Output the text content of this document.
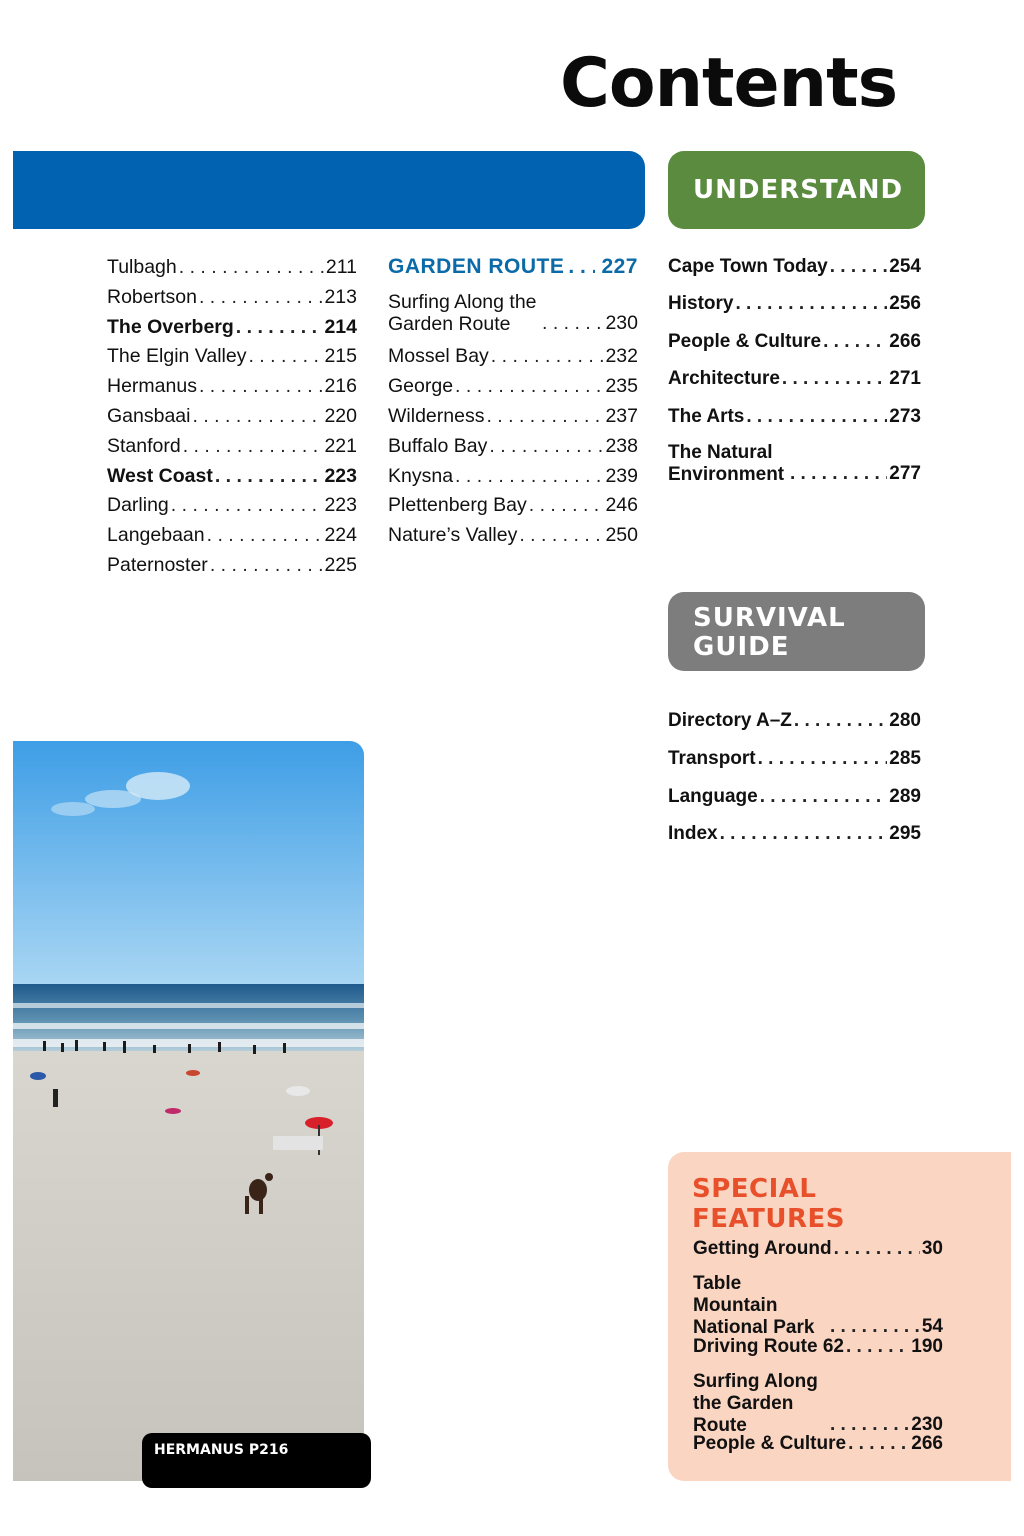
Contents
UNDERSTAND
SURVIVAL GUIDE
Tulbagh . . .	211
Robertson . . .	213
The Overberg . . .	214
The Elgin Valley . . .	215
Hermanus . . .	216
Gansbaai . . .	220
Stanford . . .	221
West Coast . . .	223
Darling . . .	223
Langebaan . . .	224
Paternoster . . .	225
GARDEN ROUTE . . . 227
Surfing Along the Garden Route . . .	230
Mossel Bay . . .	232
George . . .	235
Wilderness . . .	237
Buffalo Bay . . .	238
Knysna . . .	239
Plettenberg Bay . . .	246
Nature’s Valley . . .	250
Cape Town Today . . .	254
History . . .	256
People & Culture . . .	266
Architecture . . .	271
The Arts . . .	273
The Natural Environment . . .	277
Directory A–Z . . .	280
Transport . . .	285
Language . . .	289
Index . . .	295
HERMANUS P216
SPECIAL FEATURES
Getting Around . . .	30
Table Mountain National Park . . .	54
Driving Route 62 . . .	190
Surfing Along the Garden Route . . .	230
People & Culture . . .	266
